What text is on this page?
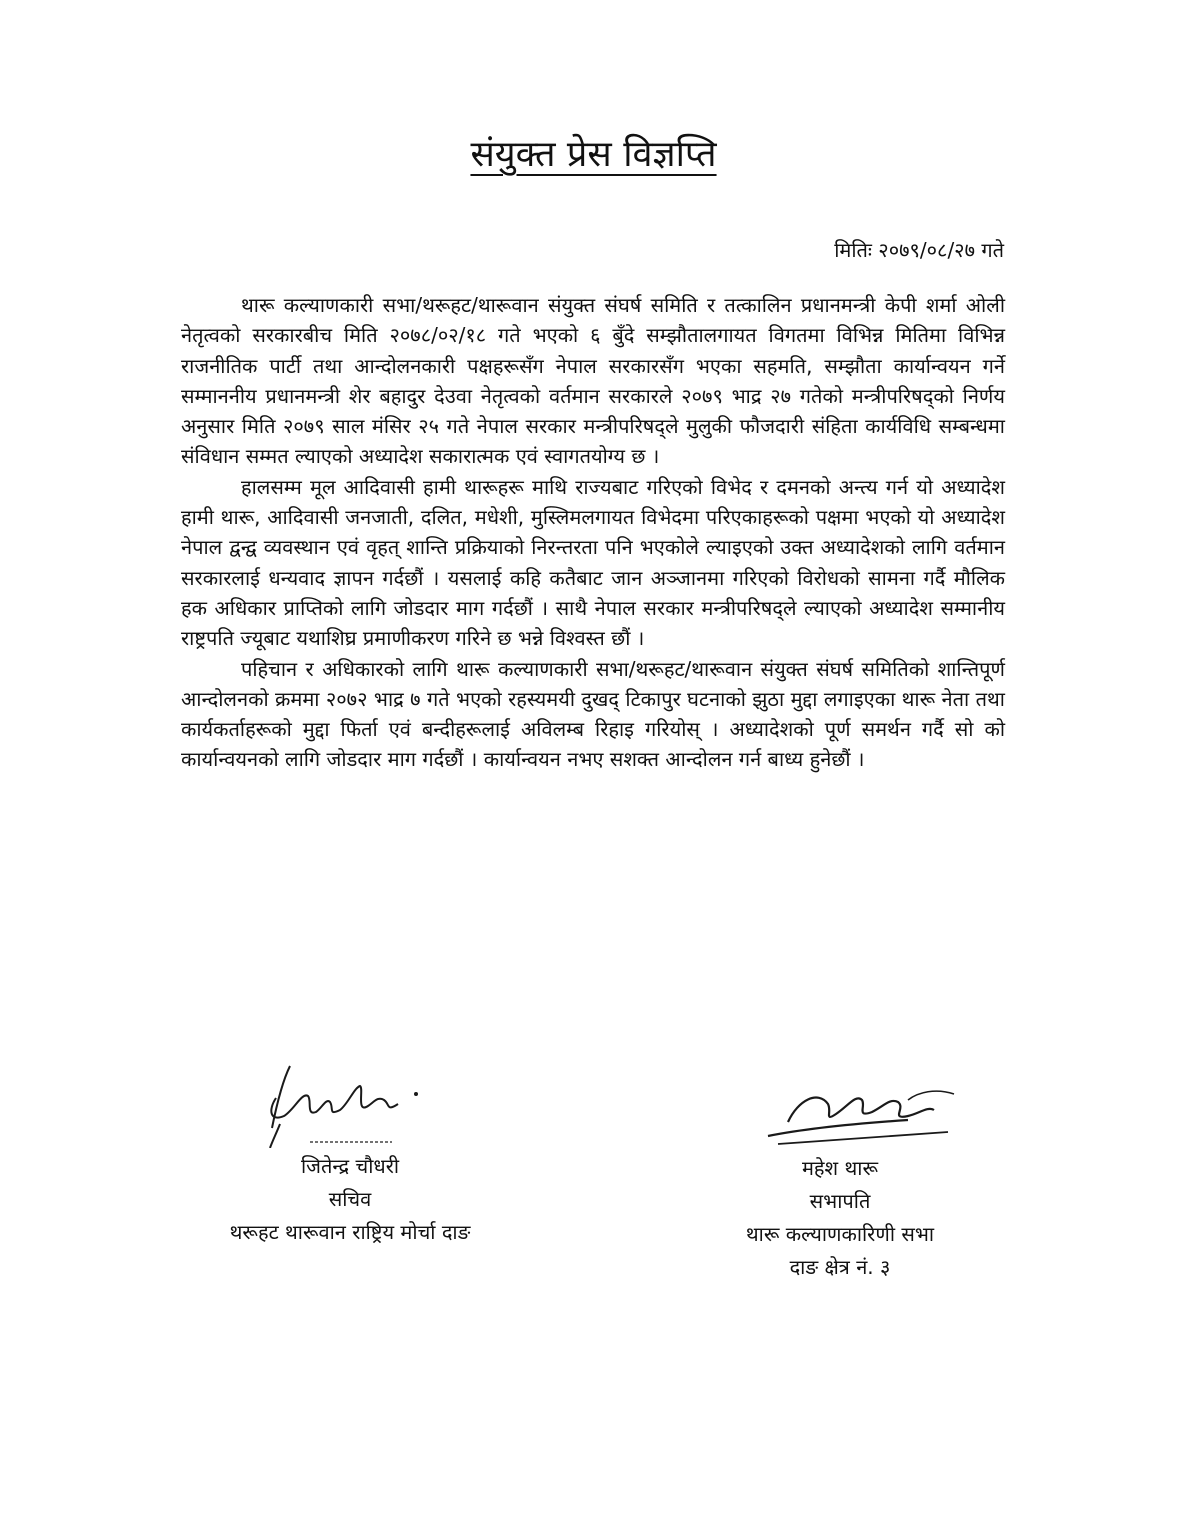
संयुक्त प्रेस विज्ञप्ति
मितिः २०७९/०८/२७ गते

थारू कल्याणकारी सभा/थरूहट/थारूवान संयुक्त संघर्ष समिति र तत्कालिन प्रधानमन्त्री केपी शर्मा ओली नेतृत्वको सरकारबीच मिति २०७८/०२/१८ गते भएको ६ बुँदे सम्झौतालगायत विगतमा विभिन्न मितिमा विभिन्न राजनीतिक पार्टी तथा आन्दोलनकारी पक्षहरूसँग नेपाल सरकारसँग भएका सहमति, सम्झौता कार्यान्वयन गर्ने सम्माननीय प्रधानमन्त्री शेर बहादुर देउवा नेतृत्वको वर्तमान सरकारले २०७९ भाद्र २७ गतेको मन्त्रीपरिषद्को निर्णय अनुसार मिति २०७९ साल मंसिर २५ गते नेपाल सरकार मन्त्रीपरिषद्ले मुलुकी फौजदारी संहिता कार्यविधि सम्बन्धमा संविधान सम्मत ल्याएको अध्यादेश सकारात्मक एवं स्वागतयोग्य छ ।

हालसम्म मूल आदिवासी हामी थारूहरू माथि राज्यबाट गरिएको विभेद र दमनको अन्त्य गर्न यो अध्यादेश हामी थारू, आदिवासी जनजाती, दलित, मधेशी, मुस्लिमलगायत विभेदमा परिएकाहरूको पक्षमा भएको यो अध्यादेश नेपाल द्वन्द्व व्यवस्थान एवं वृहत् शान्ति प्रक्रियाको निरन्तरता पनि भएकोले ल्याइएको उक्त अध्यादेशको लागि वर्तमान सरकारलाई धन्यवाद ज्ञापन गर्दछौं । यसलाई कहि कतैबाट जान अञ्जानमा गरिएको विरोधको सामना गर्दै मौलिक हक अधिकार प्राप्तिको लागि जोडदार माग गर्दछौं । साथै नेपाल सरकार मन्त्रीपरिषद्ले ल्याएको अध्यादेश सम्मानीय राष्ट्रपति ज्यूबाट यथाशिघ्र प्रमाणीकरण गरिने छ भन्ने विश्वस्त छौं ।

पहिचान र अधिकारको लागि थारू कल्याणकारी सभा/थरूहट/थारूवान संयुक्त संघर्ष समितिको शान्तिपूर्ण आन्दोलनको क्रममा २०७२ भाद्र ७ गते भएको रहस्यमयी दुखद् टिकापुर घटनाको झुठा मुद्दा लगाइएका थारू नेता तथा कार्यकर्ताहरूको मुद्दा फिर्ता एवं बन्दीहरूलाई अविलम्ब रिहाइ गरियोस् । अध्यादेशको पूर्ण समर्थन गर्दै सो को कार्यान्वयनको लागि जोडदार माग गर्दछौं । कार्यान्वयन नभए सशक्त आन्दोलन गर्न बाध्य हुनेछौं ।

जितेन्द्र चौधरी
सचिव
थरूहट थारूवान राष्ट्रिय मोर्चा दाङ
महेश थारू
सभापति
थारू कल्याणकारिणी सभा
दाङ क्षेत्र नं. ३
